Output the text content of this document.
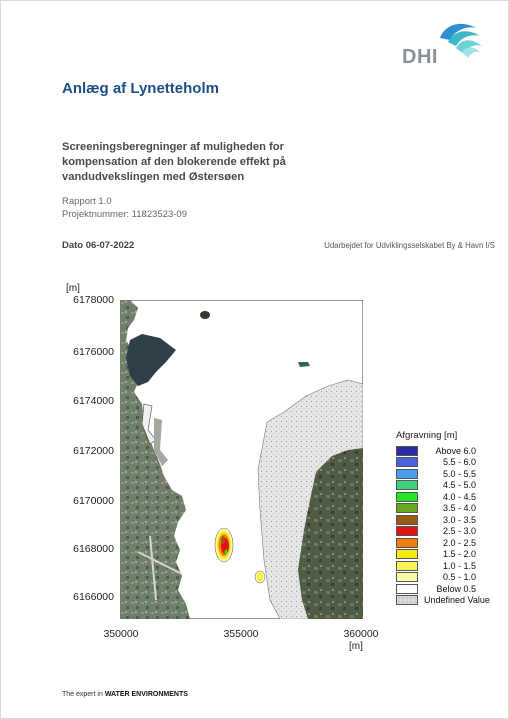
DHI
Anlæg af Lynetteholm
Screeningsberegninger af muligheden for kompensation af den blokerende effekt på vandudvekslingen med Østersøen
Rapport 1.0
Projektnummer: 11823523-09
Dato 06-07-2022	Udarbejdet for Udviklingsselskabet By & Havn I/S
[m]
[m]
6178000
6176000
6174000
6172000
6170000
6168000
6166000
350000	355000	360000
Afgravning [m]
Above 6.0
5.5 - 6.0
5.0 - 5.5
4.5 - 5.0
4.0 - 4.5
3.5 - 4.0
3.0 - 3.5
2.5 - 3.0
2.0 - 2.5
1.5 - 2.0
1.0 - 1.5
0.5 - 1.0
Below 0.5
Undefined Value
The expert in WATER ENVIRONMENTS
